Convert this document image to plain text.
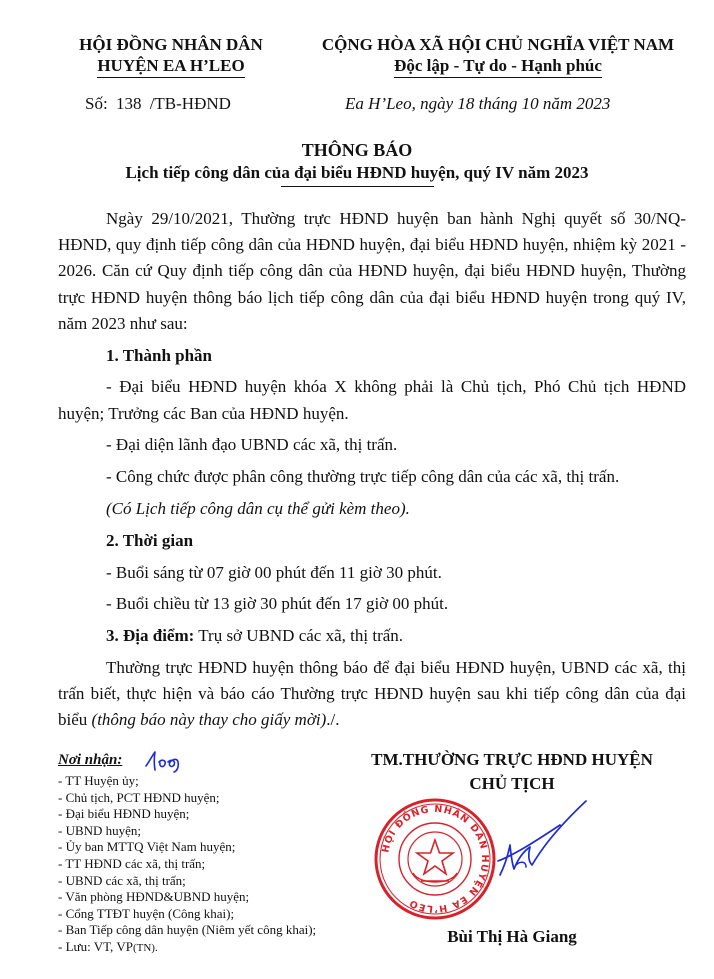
HỘI ĐỒNG NHÂN DÂN
HUYỆN EA H’LEO
CỘNG HÒA XÃ HỘI CHỦ NGHĨA VIỆT NAM
Độc lập - Tự do - Hạnh phúc
Số: 138 /TB-HĐND	Ea H’Leo, ngày 18 tháng 10 năm 2023
THÔNG BÁO
Lịch tiếp công dân của đại biểu HĐND huyện, quý IV năm 2023

Ngày 29/10/2021, Thường trực HĐND huyện ban hành Nghị quyết số 30/NQ-HĐND, quy định tiếp công dân của HĐND huyện, đại biểu HĐND huyện, nhiệm kỳ 2021 - 2026. Căn cứ Quy định tiếp công dân của HĐND huyện, đại biểu HĐND huyện, Thường trực HĐND huyện thông báo lịch tiếp công dân của đại biểu HĐND huyện trong quý IV, năm 2023 như sau:

1. Thành phần

- Đại biểu HĐND huyện khóa X không phải là Chủ tịch, Phó Chủ tịch HĐND huyện; Trưởng các Ban của HĐND huyện.

- Đại diện lãnh đạo UBND các xã, thị trấn.

- Công chức được phân công thường trực tiếp công dân của các xã, thị trấn.

(Có Lịch tiếp công dân cụ thể gửi kèm theo).

2. Thời gian

- Buổi sáng từ 07 giờ 00 phút đến 11 giờ 30 phút.

- Buổi chiều từ 13 giờ 30 phút đến 17 giờ 00 phút.

3. Địa điểm: Trụ sở UBND các xã, thị trấn.

Thường trực HĐND huyện thông báo để đại biểu HĐND huyện, UBND các xã, thị trấn biết, thực hiện và báo cáo Thường trực HĐND huyện sau khi tiếp công dân của đại biểu (thông báo này thay cho giấy mời)./.

Nơi nhận:
- TT Huyện ủy;
- Chủ tịch, PCT HĐND huyện;
- Đại biểu HĐND huyện;
- UBND huyện;
- Ủy ban MTTQ Việt Nam huyện;
- TT HĐND các xã, thị trấn;
- UBND các xã, thị trấn;
- Văn phòng HĐND&UBND huyện;
- Cổng TTĐT huyện (Công khai);
- Ban Tiếp công dân huyện (Niêm yết công khai);
- Lưu: VT, VP(TN).
TM.THƯỜNG TRỰC HĐND HUYỆN
CHỦ TỊCH
HỘI ĐỒNG NHÂN DÂN HUYỆN EA H’LEO
Bùi Thị Hà Giang
